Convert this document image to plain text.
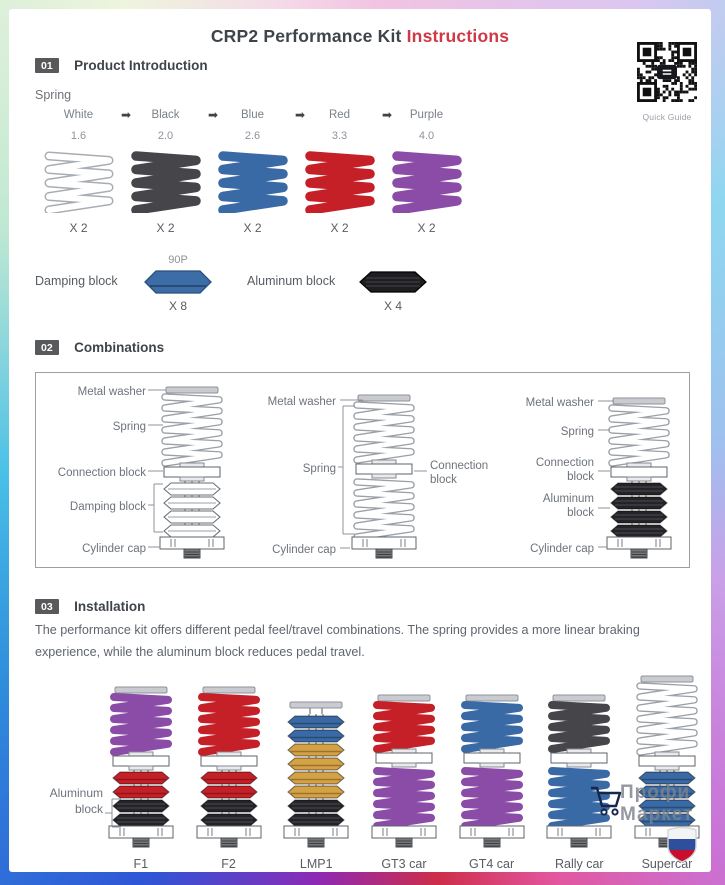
CRP2 Performance Kit Instructions
Quick Guide
01 Product Introduction
Spring
White ➡	Black ➡	Blue	➡	Red	➡	Purple
1.6	2.0	2.6	3.3	4.0
X 2	X 2	X 2	X 2	X 2
Damping block
90P
X 8
Aluminum block
X 4
02 Combinations
Metal washer
Spring
Connection block
Damping block
Cylinder cap
Metal washer
Spring	Connection
block
Cylinder cap
Metal washer
Spring
Connection
block
Aluminum
block
Cylinder cap
03 Installation
The performance kit offers different pedal feel/travel combinations. The spring provides a more linear braking experience, while the aluminum block reduces pedal travel.
F1	F2	LMP1	GT3 car	GT4 car	Rally car	Supercar
Aluminum block
Профи
Маркет
